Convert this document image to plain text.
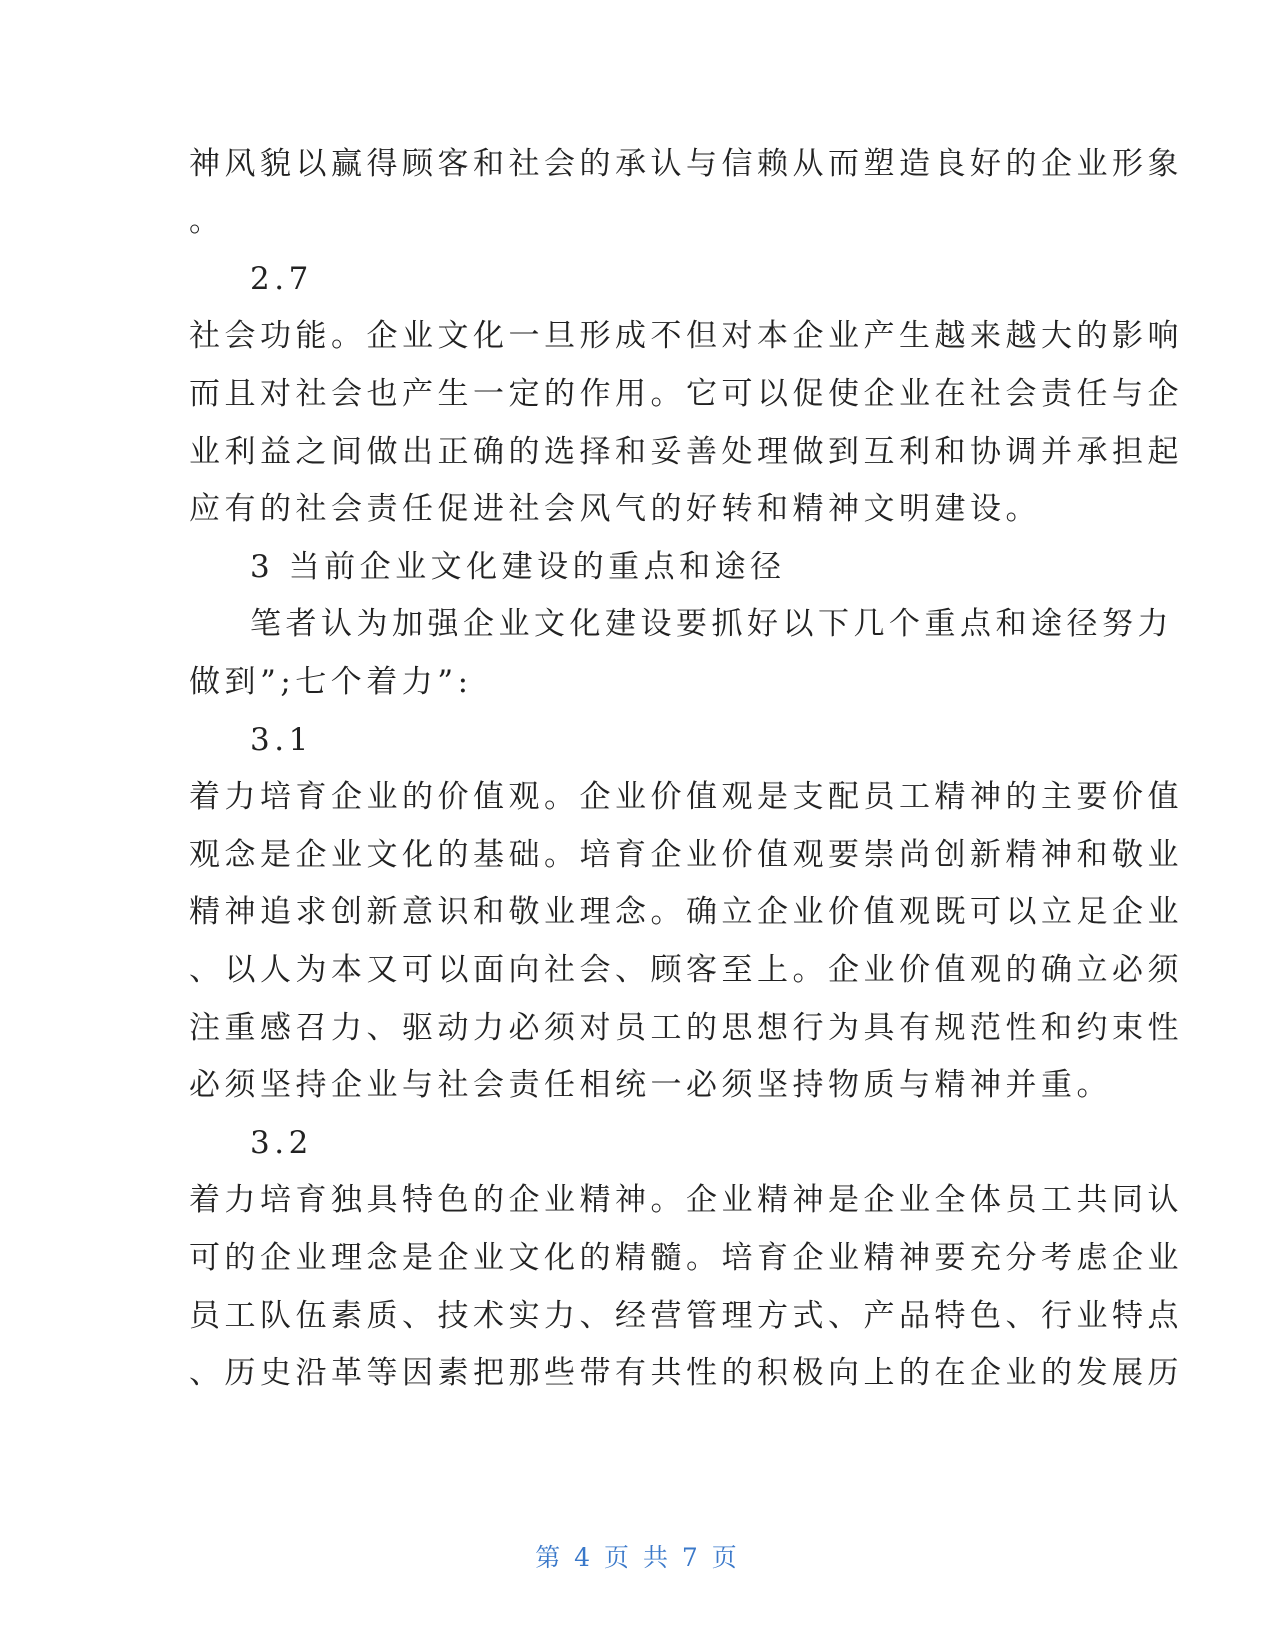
神风貌以赢得顾客和社会的承认与信赖从而塑造良好的企业形象
。
2.7
社会功能。企业文化一旦形成不但对本企业产生越来越大的影响
而且对社会也产生一定的作用。它可以促使企业在社会责任与企
业利益之间做出正确的选择和妥善处理做到互利和协调并承担起
应有的社会责任促进社会风气的好转和精神文明建设。
3 当前企业文化建设的重点和途径
笔者认为加强企业文化建设要抓好以下几个重点和途径努力
做到”;七个着力”:
3.1
着力培育企业的价值观。企业价值观是支配员工精神的主要价值
观念是企业文化的基础。培育企业价值观要崇尚创新精神和敬业
精神追求创新意识和敬业理念。确立企业价值观既可以立足企业
、以人为本又可以面向社会、顾客至上。企业价值观的确立必须
注重感召力、驱动力必须对员工的思想行为具有规范性和约束性
必须坚持企业与社会责任相统一必须坚持物质与精神并重。
3.2
着力培育独具特色的企业精神。企业精神是企业全体员工共同认
可的企业理念是企业文化的精髓。培育企业精神要充分考虑企业
员工队伍素质、技术实力、经营管理方式、产品特色、行业特点
、历史沿革等因素把那些带有共性的积极向上的在企业的发展历
第 4 页 共 7 页
